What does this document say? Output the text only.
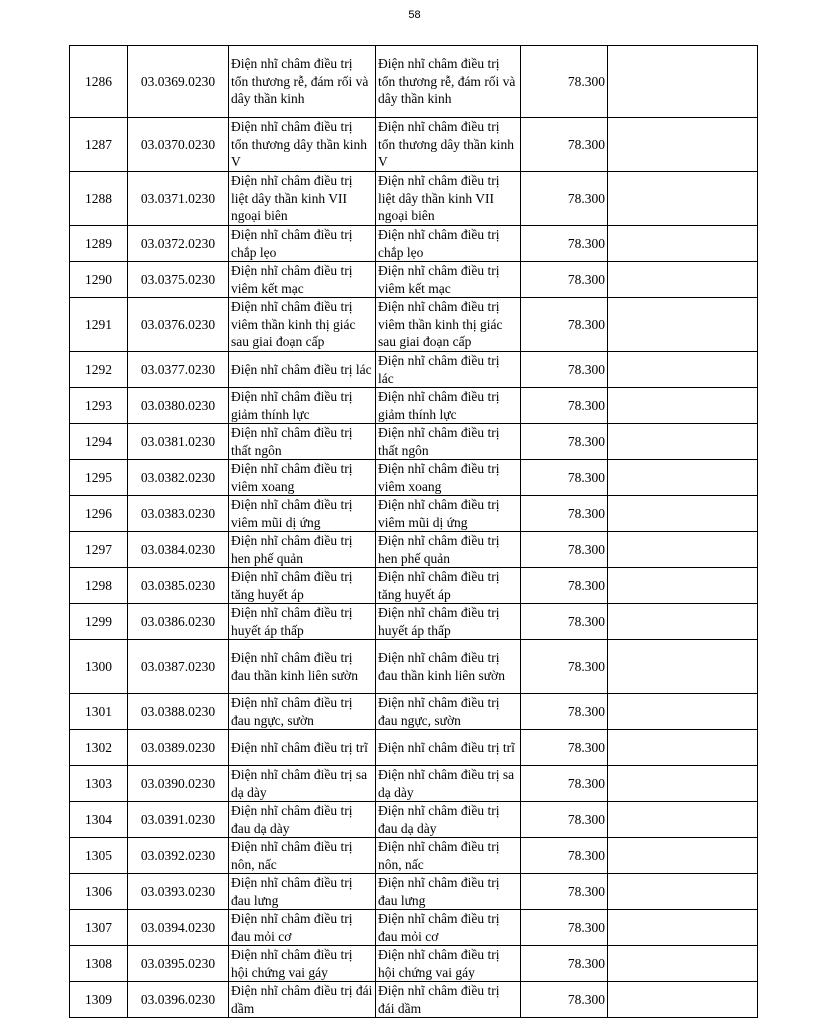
58
1286	03.0369.0230	Điện nhĩ châm điều trị tổn thương rễ, đám rối và dây thần kinh	Điện nhĩ châm điều trị tổn thương rễ, đám rối và dây thần kinh	78.300	
1287	03.0370.0230	Điện nhĩ châm điều trị tổn thương dây thần kinh V	Điện nhĩ châm điều trị tổn thương dây thần kinh V	78.300	
1288	03.0371.0230	Điện nhĩ châm điều trị liệt dây thần kinh VII ngoại biên	Điện nhĩ châm điều trị liệt dây thần kinh VII ngoại biên	78.300	
1289	03.0372.0230	Điện nhĩ châm điều trị chắp lẹo	Điện nhĩ châm điều trị chắp lẹo	78.300	
1290	03.0375.0230	Điện nhĩ châm điều trị viêm kết mạc	Điện nhĩ châm điều trị viêm kết mạc	78.300	
1291	03.0376.0230	Điện nhĩ châm điều trị viêm thần kinh thị giác sau giai đoạn cấp	Điện nhĩ châm điều trị viêm thần kinh thị giác sau giai đoạn cấp	78.300	
1292	03.0377.0230	Điện nhĩ châm điều trị lác	Điện nhĩ châm điều trị lác	78.300	
1293	03.0380.0230	Điện nhĩ châm điều trị giảm thính lực	Điện nhĩ châm điều trị giảm thính lực	78.300	
1294	03.0381.0230	Điện nhĩ châm điều trị thất ngôn	Điện nhĩ châm điều trị thất ngôn	78.300	
1295	03.0382.0230	Điện nhĩ châm điều trị viêm xoang	Điện nhĩ châm điều trị viêm xoang	78.300	
1296	03.0383.0230	Điện nhĩ châm điều trị viêm mũi dị ứng	Điện nhĩ châm điều trị viêm mũi dị ứng	78.300	
1297	03.0384.0230	Điện nhĩ châm điều trị hen phế quản	Điện nhĩ châm điều trị hen phế quản	78.300	
1298	03.0385.0230	Điện nhĩ châm điều trị tăng huyết áp	Điện nhĩ châm điều trị tăng huyết áp	78.300	
1299	03.0386.0230	Điện nhĩ châm điều trị huyết áp thấp	Điện nhĩ châm điều trị huyết áp thấp	78.300	
1300	03.0387.0230	Điện nhĩ châm điều trị đau thần kinh liên sườn	Điện nhĩ châm điều trị đau thần kinh liên sườn	78.300	
1301	03.0388.0230	Điện nhĩ châm điều trị đau ngực, sườn	Điện nhĩ châm điều trị đau ngực, sườn	78.300	
1302	03.0389.0230	Điện nhĩ châm điều trị trĩ	Điện nhĩ châm điều trị trĩ	78.300	
1303	03.0390.0230	Điện nhĩ châm điều trị sa dạ dày	Điện nhĩ châm điều trị sa dạ dày	78.300	
1304	03.0391.0230	Điện nhĩ châm điều trị đau dạ dày	Điện nhĩ châm điều trị đau dạ dày	78.300	
1305	03.0392.0230	Điện nhĩ châm điều trị nôn, nấc	Điện nhĩ châm điều trị nôn, nấc	78.300	
1306	03.0393.0230	Điện nhĩ châm điều trị đau lưng	Điện nhĩ châm điều trị đau lưng	78.300	
1307	03.0394.0230	Điện nhĩ châm điều trị đau mỏi cơ	Điện nhĩ châm điều trị đau mỏi cơ	78.300	
1308	03.0395.0230	Điện nhĩ châm điều trị hội chứng vai gáy	Điện nhĩ châm điều trị hội chứng vai gáy	78.300	
1309	03.0396.0230	Điện nhĩ châm điều trị đái dầm	Điện nhĩ châm điều trị đái dầm	78.300	
